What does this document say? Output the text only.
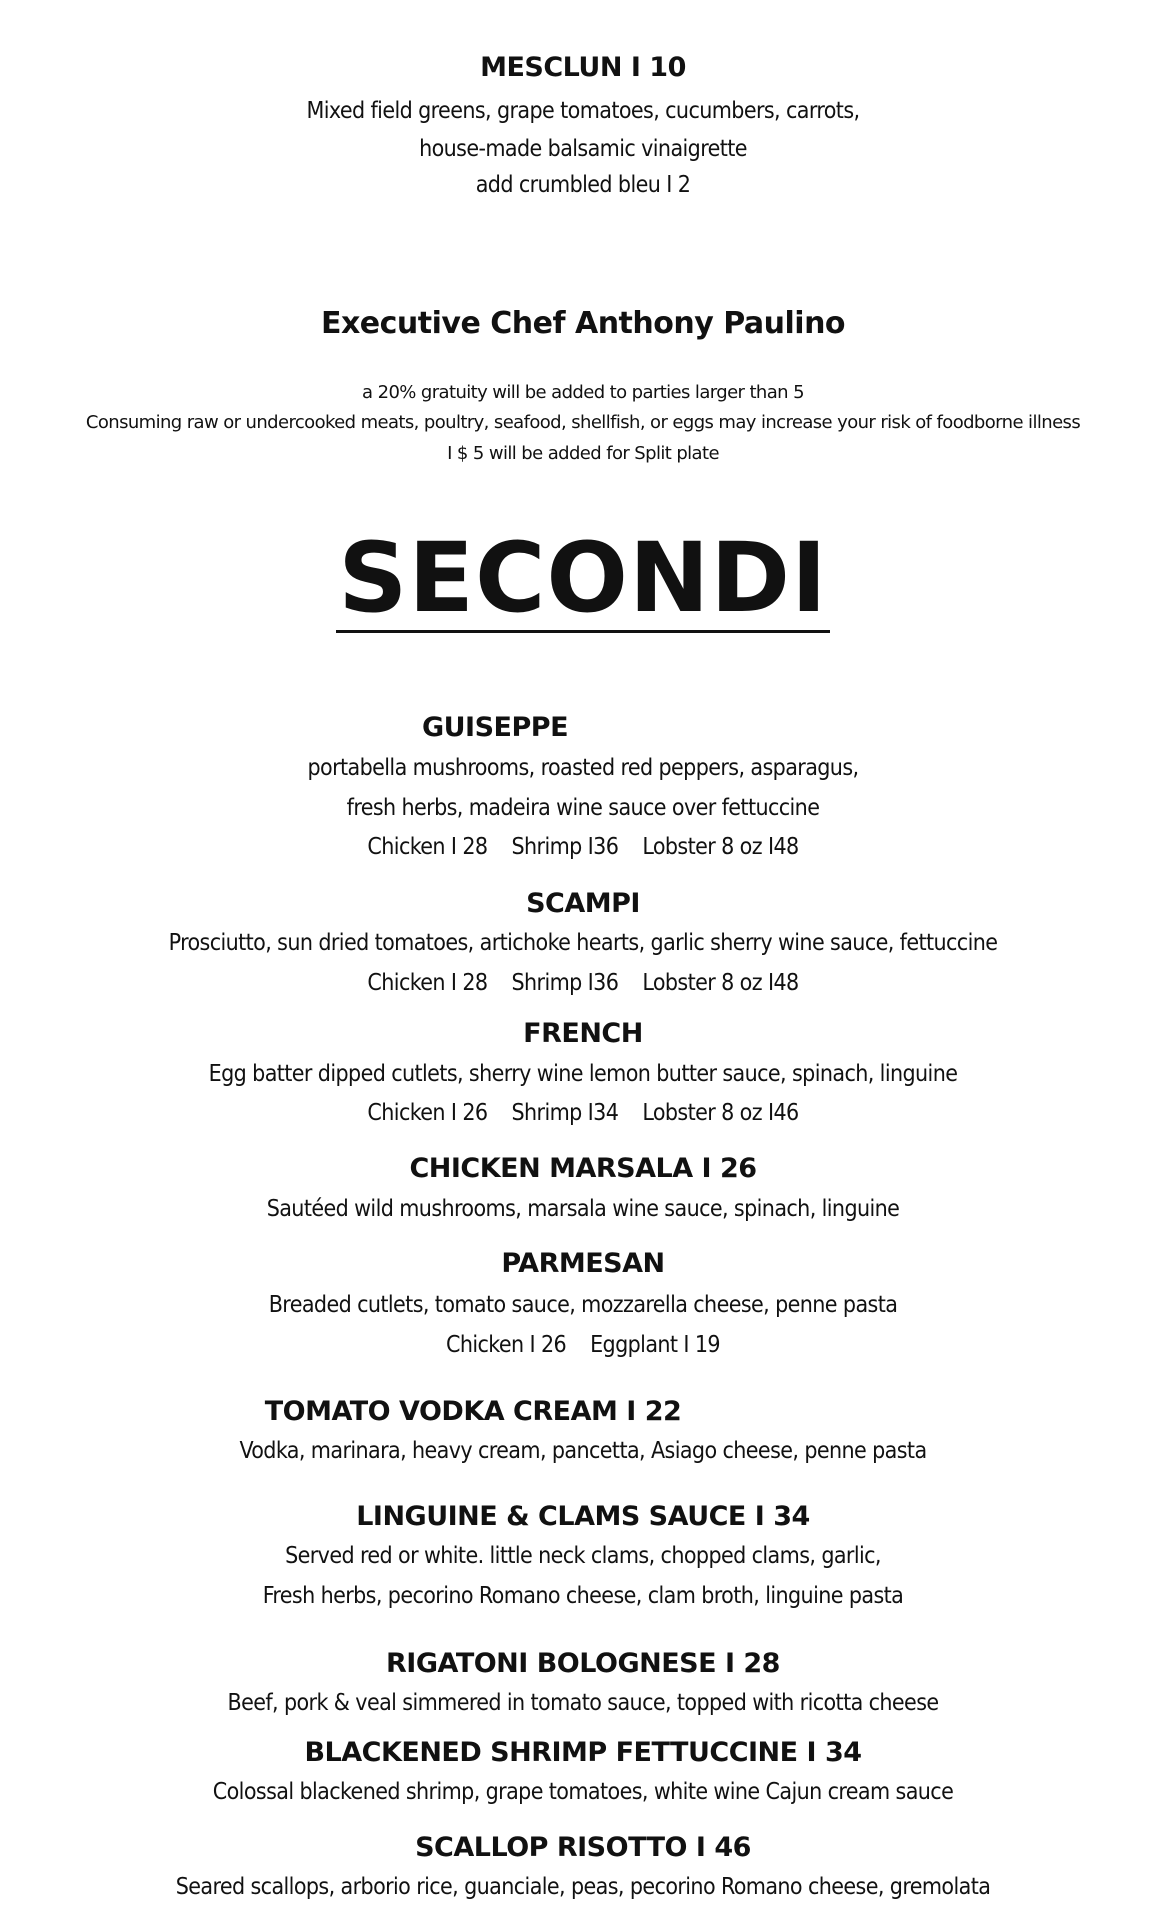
MESCLUN I 10
Mixed field greens, grape tomatoes, cucumbers, carrots,
house-made balsamic vinaigrette
add crumbled bleu I 2
Executive Chef Anthony Paulino
a 20% gratuity will be added to parties larger than 5
Consuming raw or undercooked meats, poultry, seafood, shellfish, or eggs may increase your risk of foodborne illness
I $ 5 will be added for Split plate
SECONDI
GUISEPPE
portabella mushrooms, roasted red peppers, asparagus,
fresh herbs, madeira wine sauce over fettuccine
Chicken I 28 Shrimp I36 Lobster 8 oz I48
SCAMPI
Prosciutto, sun dried tomatoes, artichoke hearts, garlic sherry wine sauce, fettuccine
Chicken I 28 Shrimp I36 Lobster 8 oz I48
FRENCH
Egg batter dipped cutlets, sherry wine lemon butter sauce, spinach, linguine
Chicken I 26 Shrimp I34 Lobster 8 oz I46
CHICKEN MARSALA I 26
Sautéed wild mushrooms, marsala wine sauce, spinach, linguine
PARMESAN
Breaded cutlets, tomato sauce, mozzarella cheese, penne pasta
Chicken I 26 Eggplant I 19
TOMATO VODKA CREAM I 22
Vodka, marinara, heavy cream, pancetta, Asiago cheese, penne pasta
LINGUINE & CLAMS SAUCE I 34
Served red or white. little neck clams, chopped clams, garlic,
Fresh herbs, pecorino Romano cheese, clam broth, linguine pasta
RIGATONI BOLOGNESE I 28
Beef, pork & veal simmered in tomato sauce, topped with ricotta cheese
BLACKENED SHRIMP FETTUCCINE I 34
Colossal blackened shrimp, grape tomatoes, white wine Cajun cream sauce
SCALLOP RISOTTO I 46
Seared scallops, arborio rice, guanciale, peas, pecorino Romano cheese, gremolata
